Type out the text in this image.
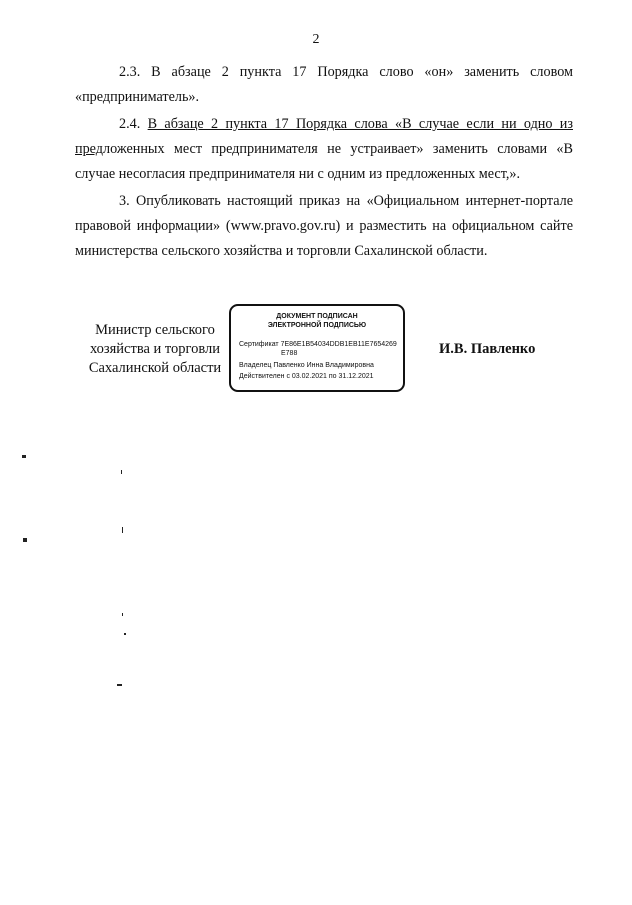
2

2.3. В абзаце 2 пункта 17 Порядка слово «он» заменить словом «предприниматель».

2.4. В абзаце 2 пункта 17 Порядка слова «В случае если ни одно из предложенных мест предпринимателя не устраивает» заменить словами «В случае несогласия предпринимателя ни с одним из предложенных мест,».

3. Опубликовать настоящий приказ на «Официальном интернет-портале правовой информации» (www.pravo.gov.ru) и разместить на официальном сайте министерства сельского хозяйства и торговли Сахалинской области.

Министр сельского
хозяйства и торговли
Сахалинской области
ДОКУМЕНТ ПОДПИСАН
ЭЛЕКТРОННОЙ ПОДПИСЬЮ
Сертификат 7E86E1B54034DDB1EB11E7654269
E788
Владелец Павленко Инна Владимировна
Действителен с 03.02.2021 по 31.12.2021
И.В. Павленко
